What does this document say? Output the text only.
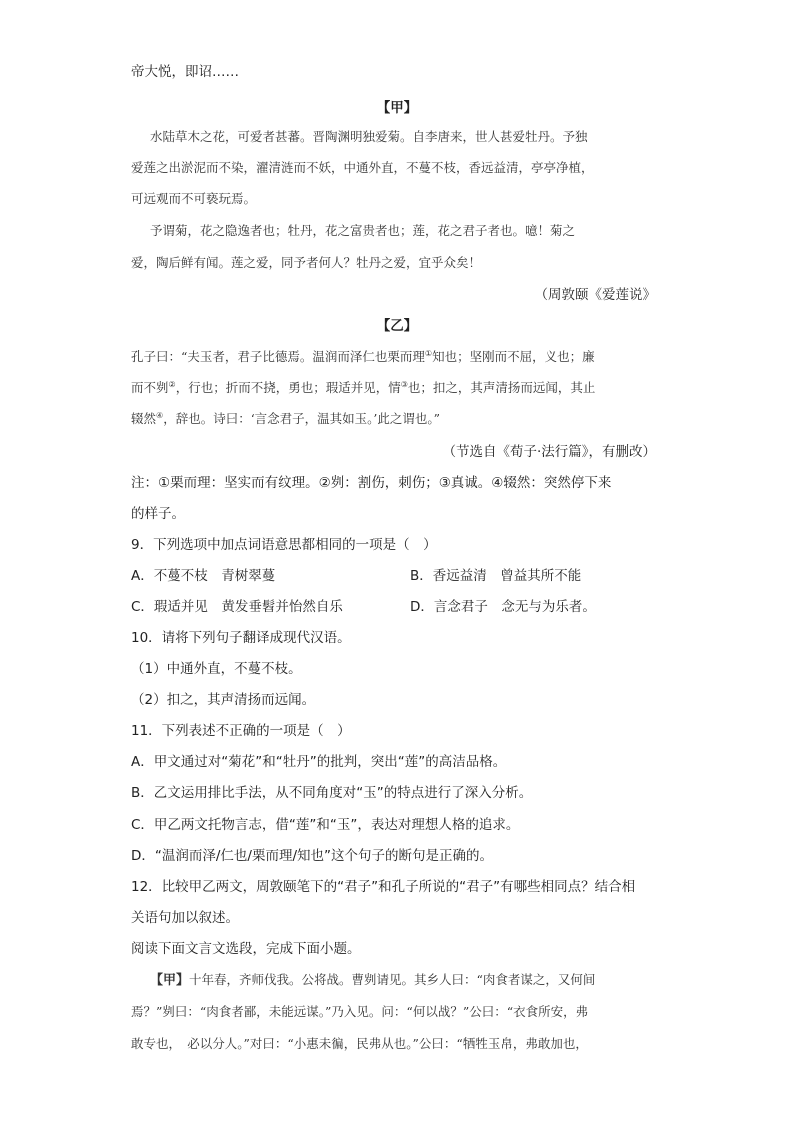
帝大悦，即诏……
【甲】
水陆草木之花，可爱者甚蕃。晋陶渊明独爱菊。自李唐来，世人甚爱牡丹。予独
爱莲之出淤泥而不染，濯清涟而不妖，中通外直，不蔓不枝，香远益清，亭亭净植，
可远观而不可亵玩焉。
予谓菊，花之隐逸者也；牡丹，花之富贵者也；莲，花之君子者也。噫！菊之
爱，陶后鲜有闻。莲之爱，同予者何人？牡丹之爱，宜乎众矣！
（周敦颐《爱莲说》
【乙】
孔子曰：“夫玉者，君子比德焉。温润而泽仁也栗而理①知也；坚刚而不屈，义也；廉
而不刿②，行也；折而不挠，勇也；瑕适并见，情③也；扣之，其声清扬而远闻，其止
辍然④，辞也。诗曰：‘言念君子，温其如玉。’此之谓也。”
（节选自《荀子·法行篇》，有删改）
注：①栗而理：坚实而有纹理。②刿：割伤，刺伤；③真诚。④辍然：突然停下来
的样子。
9．下列选项中加点词语意思都相同的一项是（　）
A．不蔓不枝　青树翠蔓	B．香远益清　曾益其所不能
C．瑕适并见　黄发垂髫并怡然自乐	D．言念君子　念无与为乐者。
10．请将下列句子翻译成现代汉语。
（1）中通外直，不蔓不枝。
（2）扣之，其声清扬而远闻。
11．下列表述不正确的一项是（　）
A．甲文通过对“菊花”和“牡丹”的批判，突出“莲”的高洁品格。
B．乙文运用排比手法，从不同角度对“玉”的特点进行了深入分析。
C．甲乙两文托物言志，借“莲”和“玉”，表达对理想人格的追求。
D．“温润而泽/仁也/栗而理/知也”这个句子的断句是正确的。
12．比较甲乙两文，周敦颐笔下的“君子”和孔子所说的“君子”有哪些相同点？结合相
关语句加以叙述。
阅读下面文言文选段，完成下面小题。
【甲】十年春，齐师伐我。公将战。曹刿请见。其乡人曰：“肉食者谋之，又何间
焉？”刿曰：“肉食者鄙，未能远谋。”乃入见。问：“何以战？”公曰：“衣食所安，弗
敢专也，　必以分人。”对曰：“小惠未徧，民弗从也。”公曰：“牺牲玉帛，弗敢加也，
